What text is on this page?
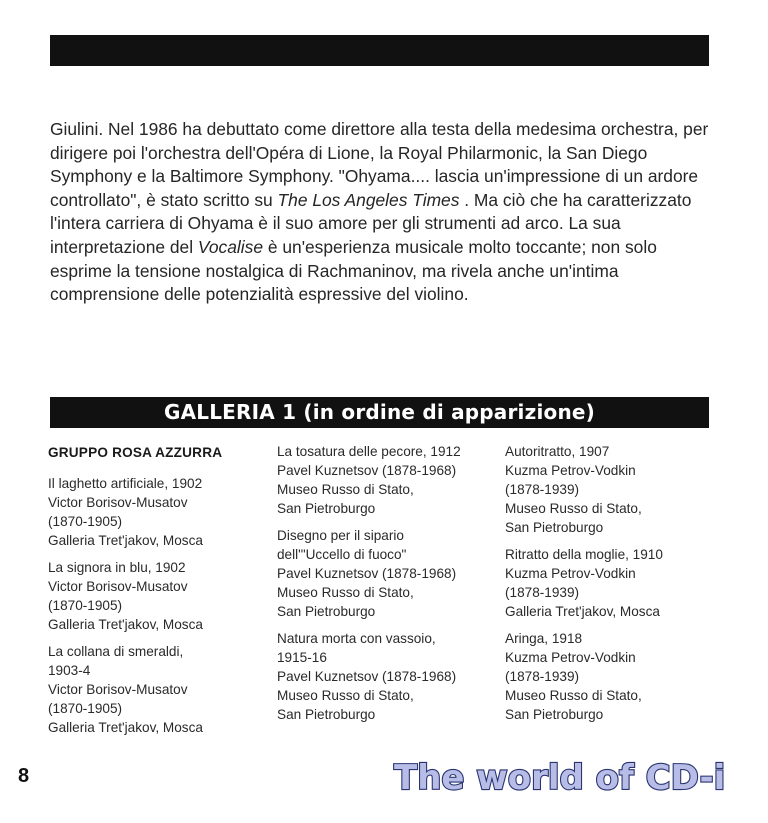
Giulini. Nel 1986 ha debuttato come direttore alla testa della medesima orchestra, per dirigere poi l'orchestra dell'Opéra di Lione, la Royal Philarmonic, la San Diego Symphony e la Baltimore Symphony. "Ohyama.... lascia un'impressione di un ardore controllato", è stato scritto su The Los Angeles Times . Ma ciò che ha caratterizzato l'intera carriera di Ohyama è il suo amore per gli strumenti ad arco. La sua interpretazione del Vocalise è un'esperienza musicale molto toccante; non solo esprime la tensione nostalgica di Rachmaninov, ma rivela anche un'intima comprensione delle potenzialità espressive del violino.

GALLERIA 1 (in ordine di apparizione)
GRUPPO ROSA AZZURRA
Il laghetto artificiale, 1902
Victor Borisov-Musatov
(1870-1905)
Galleria Tret'jakov, Mosca
La signora in blu, 1902
Victor Borisov-Musatov
(1870-1905)
Galleria Tret'jakov, Mosca
La collana di smeraldi,
1903-4
Victor Borisov-Musatov
(1870-1905)
Galleria Tret'jakov, Mosca
La tosatura delle pecore, 1912
Pavel Kuznetsov (1878-1968)
Museo Russo di Stato,
San Pietroburgo
Disegno per il sipario
dell'"Uccello di fuoco"
Pavel Kuznetsov (1878-1968)
Museo Russo di Stato,
San Pietroburgo
Natura morta con vassoio,
1915-16
Pavel Kuznetsov (1878-1968)
Museo Russo di Stato,
San Pietroburgo
Autoritratto, 1907
Kuzma Petrov-Vodkin
(1878-1939)
Museo Russo di Stato,
San Pietroburgo
Ritratto della moglie, 1910
Kuzma Petrov-Vodkin
(1878-1939)
Galleria Tret'jakov, Mosca
Aringa, 1918
Kuzma Petrov-Vodkin
(1878-1939)
Museo Russo di Stato,
San Pietroburgo
8	The world of CD-i
